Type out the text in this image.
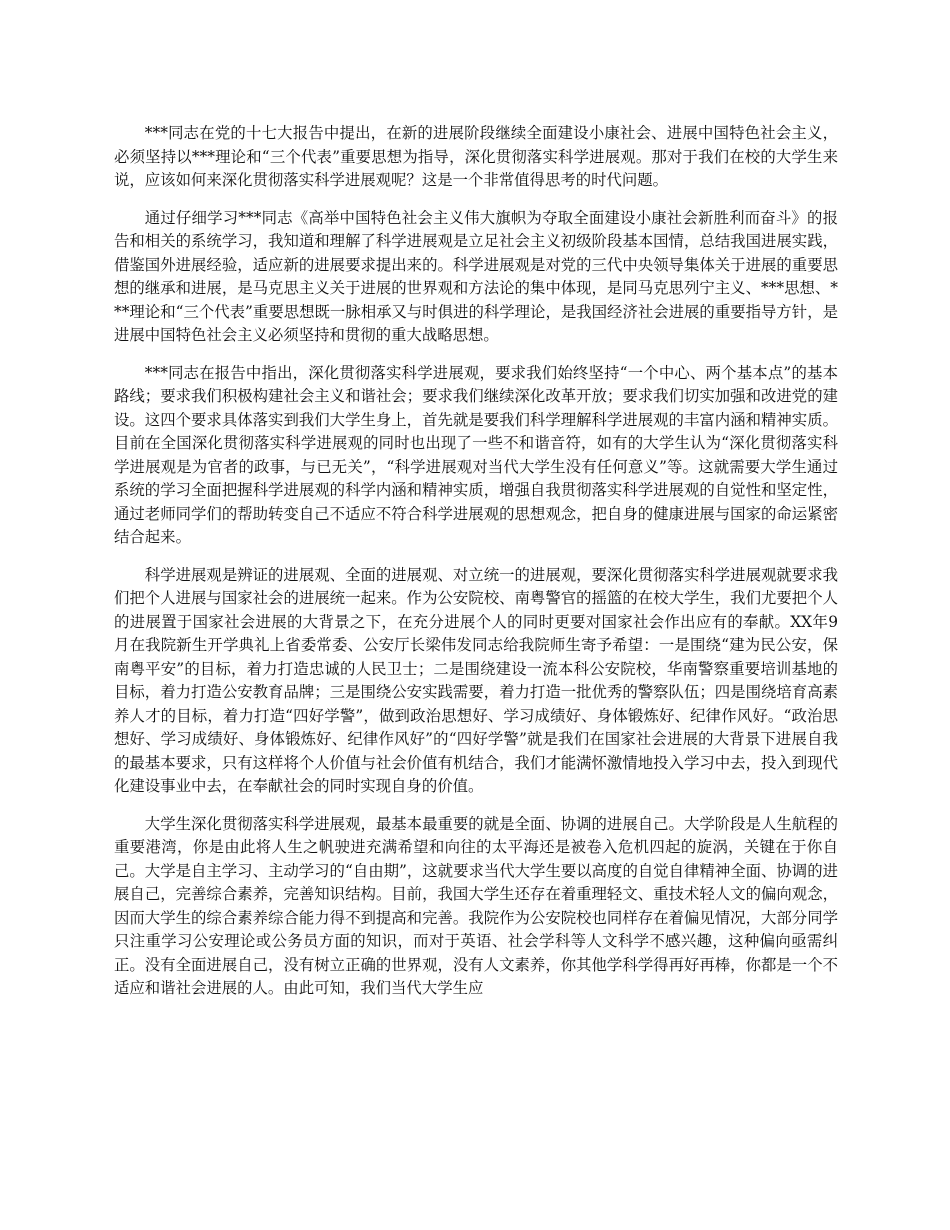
***同志在党的十七大报告中提出，在新的进展阶段继续全面建设小康社会、进展中国特色社会主义，必须坚持以***理论和“三个代表”重要思想为指导，深化贯彻落实科学进展观。那对于我们在校的大学生来说，应该如何来深化贯彻落实科学进展观呢？这是一个非常值得思考的时代问题。

通过仔细学习***同志《高举中国特色社会主义伟大旗帜为夺取全面建设小康社会新胜利而奋斗》的报告和相关的系统学习，我知道和理解了科学进展观是立足社会主义初级阶段基本国情，总结我国进展实践，借鉴国外进展经验，适应新的进展要求提出来的。科学进展观是对党的三代中央领导集体关于进展的重要思想的继承和进展，是马克思主义关于进展的世界观和方法论的集中体现，是同马克思列宁主义、***思想、***理论和“三个代表”重要思想既一脉相承又与时俱进的科学理论，是我国经济社会进展的重要指导方针，是进展中国特色社会主义必须坚持和贯彻的重大战略思想。

***同志在报告中指出，深化贯彻落实科学进展观，要求我们始终坚持“一个中心、两个基本点”的基本路线；要求我们积极构建社会主义和谐社会；要求我们继续深化改革开放；要求我们切实加强和改进党的建设。这四个要求具体落实到我们大学生身上，首先就是要我们科学理解科学进展观的丰富内涵和精神实质。目前在全国深化贯彻落实科学进展观的同时也出现了一些不和谐音符，如有的大学生认为“深化贯彻落实科学进展观是为官者的政事，与已无关”，“科学进展观对当代大学生没有任何意义”等。这就需要大学生通过系统的学习全面把握科学进展观的科学内涵和精神实质，增强自我贯彻落实科学进展观的自觉性和坚定性，通过老师同学们的帮助转变自己不适应不符合科学进展观的思想观念，把自身的健康进展与国家的命运紧密结合起来。

科学进展观是辨证的进展观、全面的进展观、对立统一的进展观，要深化贯彻落实科学进展观就要求我们把个人进展与国家社会的进展统一起来。作为公安院校、南粤警官的摇篮的在校大学生，我们尤要把个人的进展置于国家社会进展的大背景之下，在充分进展个人的同时更要对国家社会作出应有的奉献。XX年9月在我院新生开学典礼上省委常委、公安厅长梁伟发同志给我院师生寄予希望：一是围绕“建为民公安，保南粤平安”的目标，着力打造忠诚的人民卫士；二是围绕建设一流本科公安院校，华南警察重要培训基地的目标，着力打造公安教育品牌；三是围绕公安实践需要，着力打造一批优秀的警察队伍；四是围绕培育高素养人才的目标，着力打造“四好学警”，做到政治思想好、学习成绩好、身体锻炼好、纪律作风好。“政治思想好、学习成绩好、身体锻炼好、纪律作风好”的“四好学警”就是我们在国家社会进展的大背景下进展自我的最基本要求，只有这样将个人价值与社会价值有机结合，我们才能满怀激情地投入学习中去，投入到现代化建设事业中去，在奉献社会的同时实现自身的价值。

大学生深化贯彻落实科学进展观，最基本最重要的就是全面、协调的进展自己。大学阶段是人生航程的重要港湾，你是由此将人生之帆驶进充满希望和向往的太平海还是被卷入危机四起的旋涡，关键在于你自己。大学是自主学习、主动学习的“自由期”，这就要求当代大学生要以高度的自觉自律精神全面、协调的进展自己，完善综合素养，完善知识结构。目前，我国大学生还存在着重理轻文、重技术轻人文的偏向观念，因而大学生的综合素养综合能力得不到提高和完善。我院作为公安院校也同样存在着偏见情况，大部分同学只注重学习公安理论或公务员方面的知识，而对于英语、社会学科等人文科学不感兴趣，这种偏向亟需纠正。没有全面进展自己，没有树立正确的世界观，没有人文素养，你其他学科学得再好再棒，你都是一个不适应和谐社会进展的人。由此可知，我们当代大学生应
